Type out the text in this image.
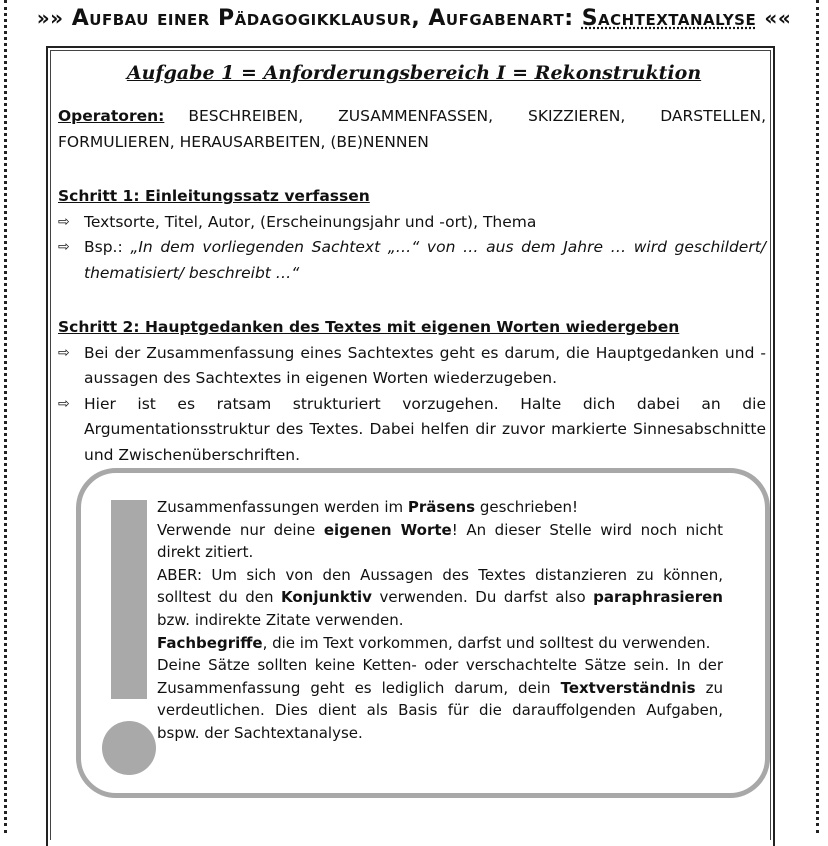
»» Aufbau einer Pädagogikklausur, Aufgabenart: Sachtextanalyse ««
Aufgabe 1 = Anforderungsbereich I = Rekonstruktion
Operatoren: BESCHREIBEN, ZUSAMMENFASSEN, SKIZZIEREN, DARSTELLEN, FORMULIEREN, HERAUSARBEITEN, (BE)NENNEN
Schritt 1: Einleitungssatz verfassen
⇨ Textsorte, Titel, Autor, (Erscheinungsjahr und -ort), Thema
⇨ Bsp.: „In dem vorliegenden Sachtext „…“ von … aus dem Jahre … wird geschildert/ thematisiert/ beschreibt …“
Schritt 2: Hauptgedanken des Textes mit eigenen Worten wiedergeben
⇨ Bei der Zusammenfassung eines Sachtextes geht es darum, die Hauptgedanken und -aussagen des Sachtextes in eigenen Worten wiederzugeben.
⇨ Hier ist es ratsam strukturiert vorzugehen. Halte dich dabei an die Argumentationsstruktur des Textes. Dabei helfen dir zuvor markierte Sinnesabschnitte und Zwischenüberschriften.

Zusammenfassungen werden im Präsens geschrieben!

Verwende nur deine eigenen Worte! An dieser Stelle wird noch nicht direkt zitiert.

ABER: Um sich von den Aussagen des Textes distanzieren zu können, solltest du den Konjunktiv verwenden. Du darfst also paraphrasieren bzw. indirekte Zitate verwenden.

Fachbegriffe, die im Text vorkommen, darfst und solltest du verwenden.

Deine Sätze sollten keine Ketten- oder verschachtelte Sätze sein. In der Zusammenfassung geht es lediglich darum, dein Textverständnis zu verdeutlichen. Dies dient als Basis für die darauffolgenden Aufgaben, bspw. der Sachtextanalyse.
